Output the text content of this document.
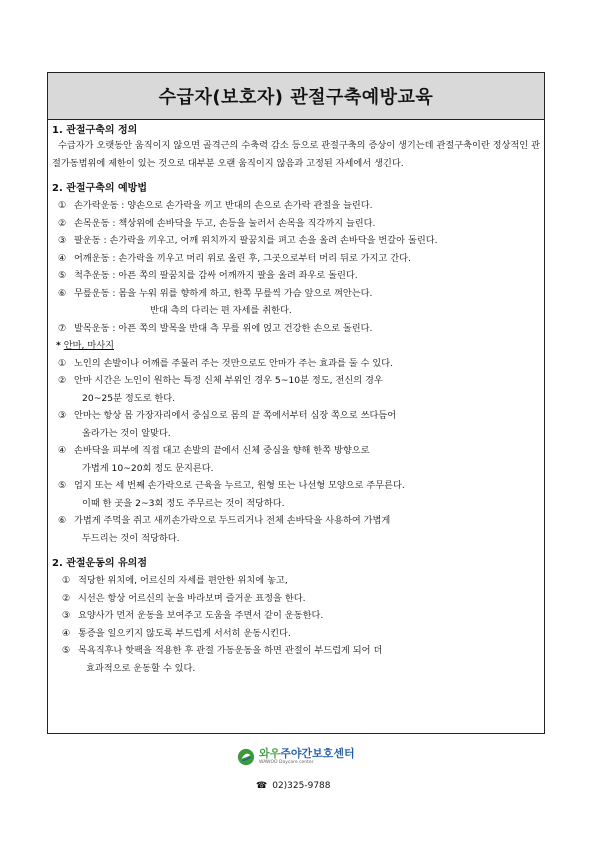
수급자(보호자) 관절구축예방교육

1. 관절구축의 정의

수급자가 오랫동안 움직이지 않으면 골격근의 수축력 감소 등으로 관절구축의 증상이 생기는데 관절구축이란 정상적인 관절가동범위에 제한이 있는 것으로 대부분 오랜 움직이지 않음과 고정된 자세에서 생긴다.

2. 관절구축의 예방법

① 손가락운동 : 양손으로 손가락을 끼고 반대의 손으로 손가락 관절을 늘린다.
② 손목운동 : 책상위에 손바닥을 두고, 손등을 눌러서 손목을 직각까지 늘린다.
③ 팔운동 : 손가락을 끼우고, 어깨 위치까지 팔꿈치를 펴고 손을 올려 손바닥을 번갈아 돌린다.
④ 어깨운동 : 손가락을 끼우고 머리 위로 올린 후, 그곳으로부터 머리 뒤로 가지고 간다.
⑤ 척추운동 : 아픈 쪽의 팔꿈치를 감싸 어깨까지 팔을 올려 좌우로 돌린다.
⑥ 무릎운동 : 몸을 누워 위를 향하게 하고, 한쪽 무릎씩 가슴 앞으로 껴안는다.
반대 측의 다리는 편 자세를 취한다.
⑦ 발목운동 : 아픈 쪽의 발목을 반대 측 무릎 위에 얹고 건강한 손으로 돌린다.
* 안마, 마사지
① 노인의 손발이나 어깨를 주물러 주는 것만으로도 안마가 주는 효과를 둘 수 있다.
② 안마 시간은 노인이 원하는 특정 신체 부위인 경우 5~10분 정도, 전신의 경우
20~25분 정도로 한다.
③ 안마는 항상 몸 가장자리에서 중심으로 몸의 끝 쪽에서부터 심장 쪽으로 쓰다듬어
올라가는 것이 알맞다.
④ 손바닥을 피부에 직접 대고 손발의 끝에서 신체 중심을 향해 한쪽 방향으로
가볍게 10~20회 정도 문지른다.
⑤ 엄지 또는 세 번째 손가락으로 근육을 누르고, 원형 또는 나선형 모양으로 주무른다.
이때 한 곳을 2~3회 정도 주무르는 것이 적당하다.
⑥ 가볍게 주먹을 쥐고 새끼손가락으로 두드리거나 전체 손바닥을 사용하여 가볍게
두드리는 것이 적당하다.

2. 관절운동의 유의점

① 적당한 위치에, 어르신의 자세를 편안한 위치에 놓고,
② 시선은 항상 어르신의 눈을 바라보며 즐거운 표정을 한다.
③ 요양사가 먼저 운동을 보여주고 도움을 주면서 같이 운동한다.
④ 통증을 일으키지 않도록 부드럽게 서서히 운동시킨다.
⑤ 목욕직후나 핫팩을 적용한 후 관절 가동운동을 하면 관절이 부드럽게 되어 더
효과적으로 운동할 수 있다.
와우주야간보호센터
WAWOO Daycare center
☎ 02)325-9788
